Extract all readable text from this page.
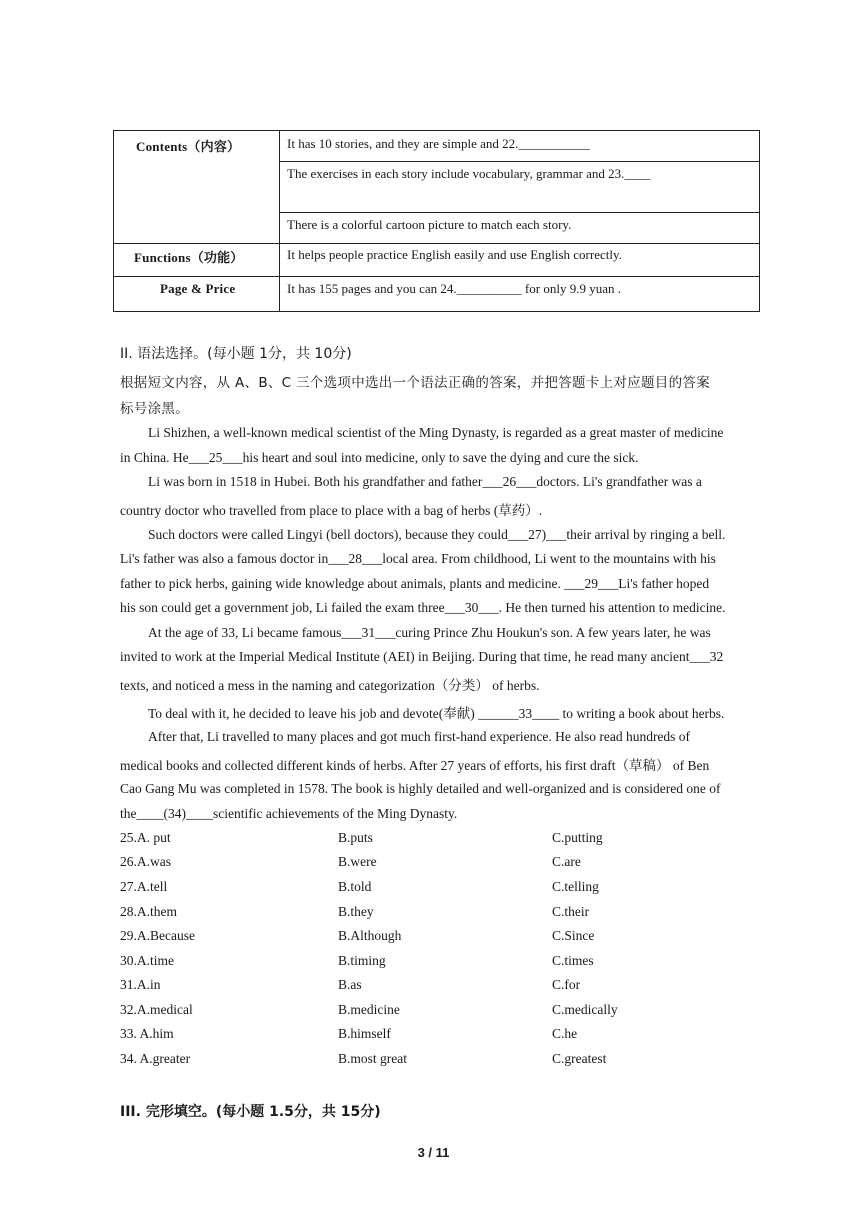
Contents（内容）	It has 10 stories, and they are simple and 22.___________
The exercises in each story include vocabulary, grammar and 23.____
There is a colorful cartoon picture to match each story.
Functions（功能）	It helps people practice English easily and use English correctly.
Page & Price	It has 155 pages and you can 24.__________ for only 9.9 yuan .
II. 语法选择。(每小题 1分，共 10分)
根据短文内容，从 A、B、C 三个选项中选出一个语法正确的答案，并把答题卡上对应题目的答案
标号涂黑。
Li Shizhen, a well-known medical scientist of the Ming Dynasty, is regarded as a great master of medicine
in China. He___25___his heart and soul into medicine, only to save the dying and cure the sick.
Li was born in 1518 in Hubei. Both his grandfather and father___26___doctors. Li's grandfather was a
country doctor who travelled from place to place with a bag of herbs (草药）.
Such doctors were called Lingyi (bell doctors), because they could___27)___their arrival by ringing a bell.
Li's father was also a famous doctor in___28___local area. From childhood, Li went to the mountains with his
father to pick herbs, gaining wide knowledge about animals, plants and medicine. ___29___Li's father hoped
his son could get a government job, Li failed the exam three___30___. He then turned his attention to medicine.
At the age of 33, Li became famous___31___curing Prince Zhu Houkun's son. A few years later, he was
invited to work at the Imperial Medical Institute (AEI) in Beijing. During that time, he read many ancient___32
texts, and noticed a mess in the naming and categorization（分类） of herbs.
To deal with it, he decided to leave his job and devote(奉献) ______33____ to writing a book about herbs.
After that, Li travelled to many places and got much first-hand experience. He also read hundreds of
medical books and collected different kinds of herbs. After 27 years of efforts, his first draft（草稿） of Ben
Cao Gang Mu was completed in 1578. The book is highly detailed and well-organized and is considered one of
the____(34)____scientific achievements of the Ming Dynasty.
25.A. put	B.puts	C.putting
26.A.was	B.were	C.are
27.A.tell	B.told	C.telling
28.A.them	B.they	C.their
29.A.Because	B.Although	C.Since
30.A.time	B.timing	C.times
31.A.in	B.as	C.for
32.A.medical	B.medicine	C.medically
33. A.him	B.himself	C.he
34. A.greater	B.most great	C.greatest
III. 完形填空。(每小题 1.5分，共 15分)
3 / 11
